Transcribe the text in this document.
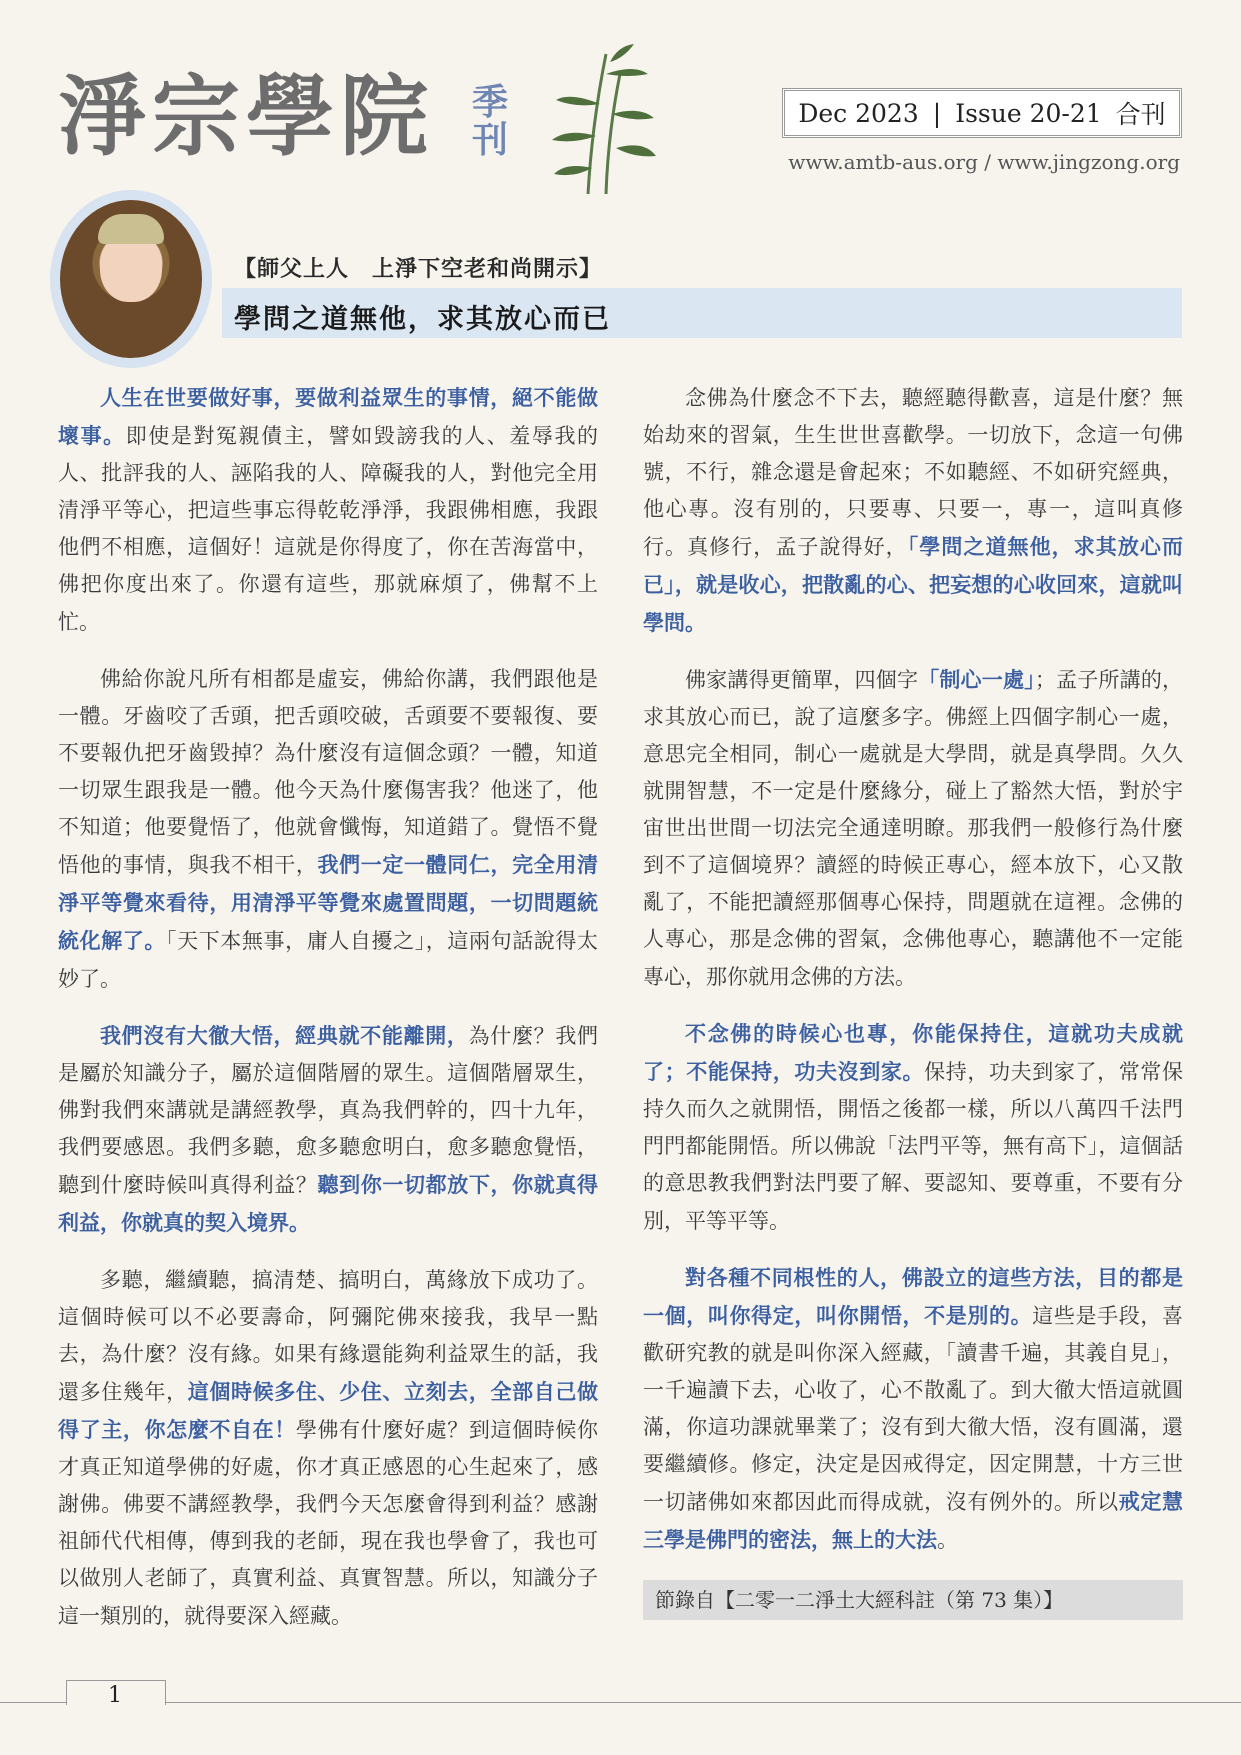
淨宗學院 季
刊
Dec 2023 | Issue 20-21 合刊
www.amtb-aus.org / www.jingzong.org
【師父上人　上淨下空老和尚開示】
學問之道無他，求其放心而已

人生在世要做好事，要做利益眾生的事情，絕不能做壞事。即使是對冤親債主，譬如毀謗我的人、羞辱我的人、批評我的人、誣陷我的人、障礙我的人，對他完全用清淨平等心，把這些事忘得乾乾淨淨，我跟佛相應，我跟他們不相應，這個好！這就是你得度了，你在苦海當中，佛把你度出來了。你還有這些，那就麻煩了，佛幫不上忙。

佛給你說凡所有相都是虛妄，佛給你講，我們跟他是一體。牙齒咬了舌頭，把舌頭咬破，舌頭要不要報復、要不要報仇把牙齒毀掉？為什麼沒有這個念頭？一體，知道一切眾生跟我是一體。他今天為什麼傷害我？他迷了，他不知道；他要覺悟了，他就會懺悔，知道錯了。覺悟不覺悟他的事情，與我不相干，我們一定一體同仁，完全用清淨平等覺來看待，用清淨平等覺來處置問題，一切問題統統化解了。「天下本無事，庸人自擾之」，這兩句話說得太妙了。

我們沒有大徹大悟，經典就不能離開，為什麼？我們是屬於知識分子，屬於這個階層的眾生。這個階層眾生，佛對我們來講就是講經教學，真為我們幹的，四十九年，我們要感恩。我們多聽，愈多聽愈明白，愈多聽愈覺悟，聽到什麼時候叫真得利益？聽到你一切都放下，你就真得利益，你就真的契入境界。

多聽，繼續聽，搞清楚、搞明白，萬緣放下成功了。這個時候可以不必要壽命，阿彌陀佛來接我，我早一點去，為什麼？沒有緣。如果有緣還能夠利益眾生的話，我還多住幾年，這個時候多住、少住、立刻去，全部自己做得了主，你怎麼不自在！學佛有什麼好處？到這個時候你才真正知道學佛的好處，你才真正感恩的心生起來了，感謝佛。佛要不講經教學，我們今天怎麼會得到利益？感謝祖師代代相傳，傳到我的老師，現在我也學會了，我也可以做別人老師了，真實利益、真實智慧。所以，知識分子這一類別的，就得要深入經藏。

念佛為什麼念不下去，聽經聽得歡喜，這是什麼？無始劫來的習氣，生生世世喜歡學。一切放下，念這一句佛號，不行，雜念還是會起來；不如聽經、不如研究經典，他心專。沒有別的，只要專、只要一，專一，這叫真修行。真修行，孟子說得好，「學問之道無他，求其放心而已」，就是收心，把散亂的心、把妄想的心收回來，這就叫學問。

佛家講得更簡單，四個字「制心一處」；孟子所講的，求其放心而已，說了這麼多字。佛經上四個字制心一處，意思完全相同，制心一處就是大學問，就是真學問。久久就開智慧，不一定是什麼緣分，碰上了豁然大悟，對於宇宙世出世間一切法完全通達明瞭。那我們一般修行為什麼到不了這個境界？讀經的時候正專心，經本放下，心又散亂了，不能把讀經那個專心保持，問題就在這裡。念佛的人專心，那是念佛的習氣，念佛他專心，聽講他不一定能專心，那你就用念佛的方法。

不念佛的時候心也專，你能保持住，這就功夫成就了；不能保持，功夫沒到家。保持，功夫到家了，常常保持久而久之就開悟，開悟之後都一樣，所以八萬四千法門門門都能開悟。所以佛說「法門平等，無有高下」，這個話的意思教我們對法門要了解、要認知、要尊重，不要有分別，平等平等。

對各種不同根性的人，佛設立的這些方法，目的都是一個，叫你得定，叫你開悟，不是別的。這些是手段，喜歡研究教的就是叫你深入經藏，「讀書千遍，其義自見」，一千遍讀下去，心收了，心不散亂了。到大徹大悟這就圓滿，你這功課就畢業了；沒有到大徹大悟，沒有圓滿，還要繼續修。修定，決定是因戒得定，因定開慧，十方三世一切諸佛如來都因此而得成就，沒有例外的。所以戒定慧三學是佛門的密法，無上的大法。

節錄自【二零一二淨土大經科註（第 73 集）】
1
